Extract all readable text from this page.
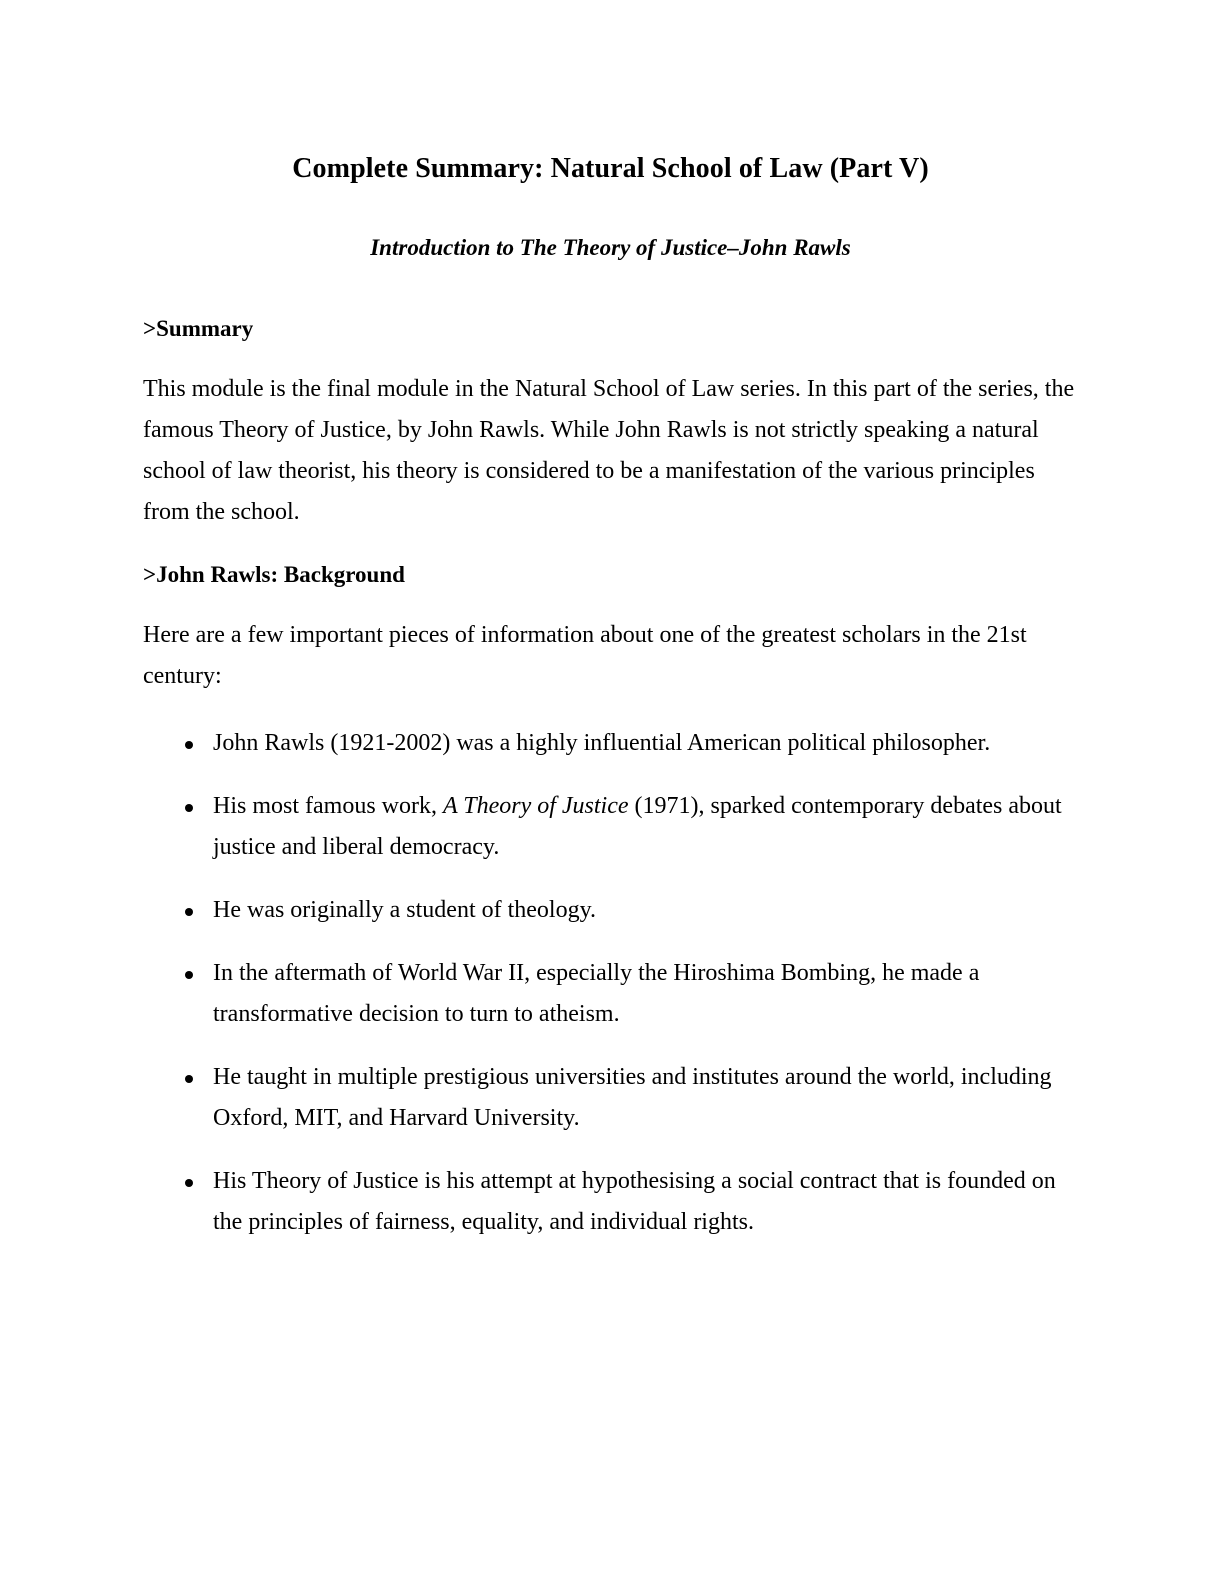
Complete Summary: Natural School of Law (Part V)
Introduction to The Theory of Justice–John Rawls
>Summary

This module is the final module in the Natural School of Law series. In this part of the series, the famous Theory of Justice, by John Rawls. While John Rawls is not strictly speaking a natural school of law theorist, his theory is considered to be a manifestation of the various principles from the school.

>John Rawls: Background

Here are a few important pieces of information about one of the greatest scholars in the 21st century:

John Rawls (1921-2002) was a highly influential American political philosopher.
His most famous work, A Theory of Justice (1971), sparked contemporary debates about justice and liberal democracy.
He was originally a student of theology.
In the aftermath of World War II, especially the Hiroshima Bombing, he made a transformative decision to turn to atheism.
He taught in multiple prestigious universities and institutes around the world, including Oxford, MIT, and Harvard University.
His Theory of Justice is his attempt at hypothesising a social contract that is founded on the principles of fairness, equality, and individual rights.
